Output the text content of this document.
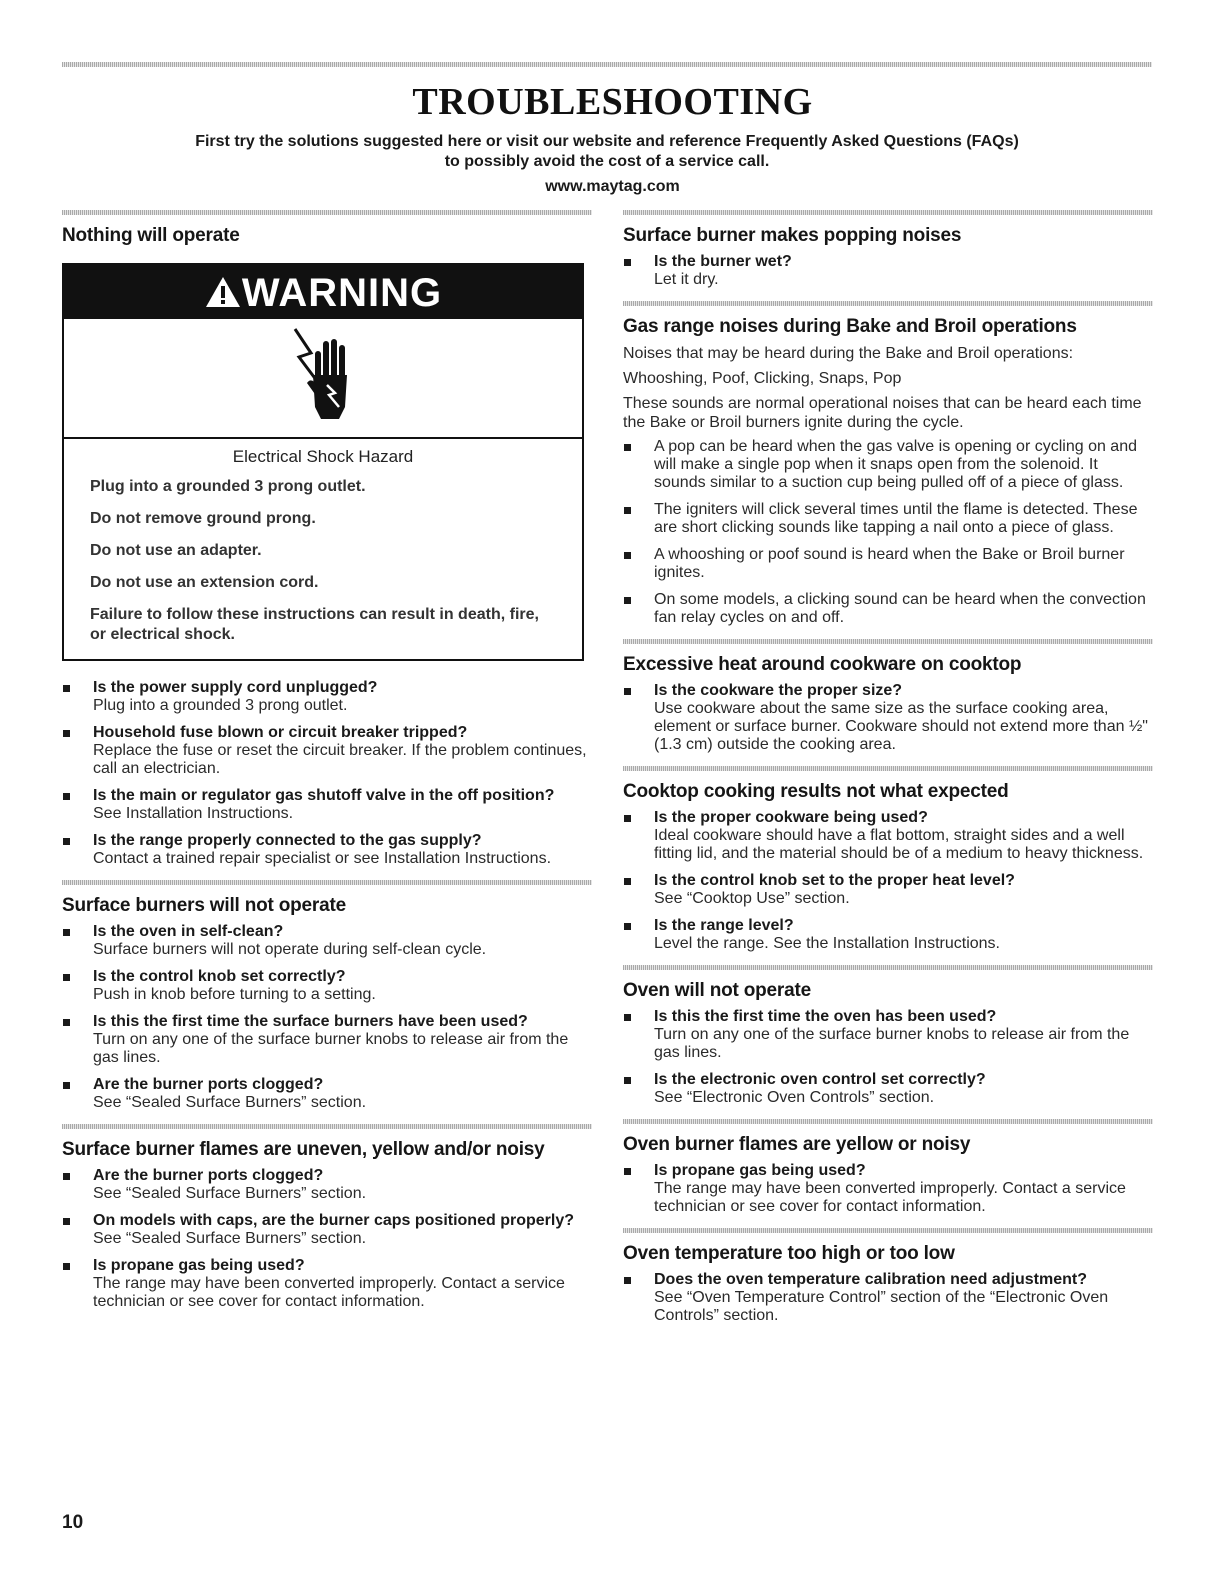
TROUBLESHOOTING
First try the solutions suggested here or visit our website and reference Frequently Asked Questions (FAQs)
to possibly avoid the cost of a service call.
www.maytag.com
Nothing will operate
WARNING
Electrical Shock Hazard
Plug into a grounded 3 prong outlet.
Do not remove ground prong.
Do not use an adapter.
Do not use an extension cord.
Failure to follow these instructions can result in death, fire, or electrical shock.
Is the power supply cord unplugged?
Plug into a grounded 3 prong outlet.
Household fuse blown or circuit breaker tripped?
Replace the fuse or reset the circuit breaker. If the problem continues, call an electrician.
Is the main or regulator gas shutoff valve in the off position?
See Installation Instructions.
Is the range properly connected to the gas supply?
Contact a trained repair specialist or see Installation Instructions.
Surface burners will not operate
Is the oven in self-clean?
Surface burners will not operate during self-clean cycle.
Is the control knob set correctly?
Push in knob before turning to a setting.
Is this the first time the surface burners have been used?
Turn on any one of the surface burner knobs to release air from the gas lines.
Are the burner ports clogged?
See “Sealed Surface Burners” section.
Surface burner flames are uneven, yellow and/or noisy
Are the burner ports clogged?
See “Sealed Surface Burners” section.
On models with caps, are the burner caps positioned properly?
See “Sealed Surface Burners” section.
Is propane gas being used?
The range may have been converted improperly. Contact a service technician or see cover for contact information.
Surface burner makes popping noises
Is the burner wet?
Let it dry.
Gas range noises during Bake and Broil operations

Noises that may be heard during the Bake and Broil operations:

Whooshing, Poof, Clicking, Snaps, Pop

These sounds are normal operational noises that can be heard each time the Bake or Broil burners ignite during the cycle.

A pop can be heard when the gas valve is opening or cycling on and will make a single pop when it snaps open from the solenoid. It sounds similar to a suction cup being pulled off of a piece of glass.
The igniters will click several times until the flame is detected. These are short clicking sounds like tapping a nail onto a piece of glass.
A whooshing or poof sound is heard when the Bake or Broil burner ignites.
On some models, a clicking sound can be heard when the convection fan relay cycles on and off.
Excessive heat around cookware on cooktop
Is the cookware the proper size?
Use cookware about the same size as the surface cooking area, element or surface burner. Cookware should not extend more than ½" (1.3 cm) outside the cooking area.
Cooktop cooking results not what expected
Is the proper cookware being used?
Ideal cookware should have a flat bottom, straight sides and a well fitting lid, and the material should be of a medium to heavy thickness.
Is the control knob set to the proper heat level?
See “Cooktop Use” section.
Is the range level?
Level the range. See the Installation Instructions.
Oven will not operate
Is this the first time the oven has been used?
Turn on any one of the surface burner knobs to release air from the gas lines.
Is the electronic oven control set correctly?
See “Electronic Oven Controls” section.
Oven burner flames are yellow or noisy
Is propane gas being used?
The range may have been converted improperly. Contact a service technician or see cover for contact information.
Oven temperature too high or too low
Does the oven temperature calibration need adjustment?
See “Oven Temperature Control” section of the “Electronic Oven Controls” section.
10
